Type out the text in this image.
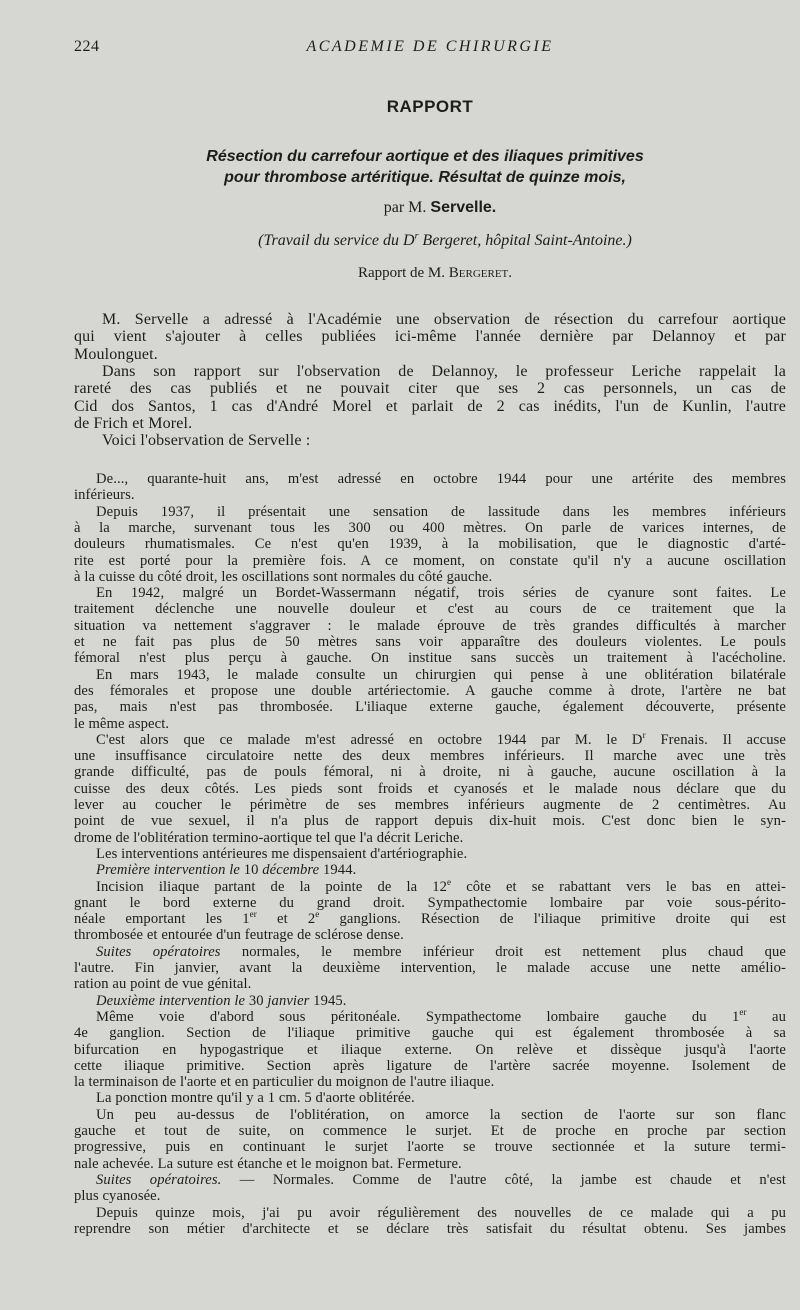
224	ACADEMIE DE CHIRURGIE
RAPPORT
Résection du carrefour aortique et des iliaques primitives
pour thrombose artéritique. Résultat de quinze mois,
par M. Servelle.
(Travail du service du $D^r$ Bergeret, hôpital Saint-Antoine.)
Rapport de M. Bergeret.
M. Servelle a adressé à l'Académie une observation de résection du carrefour aortique
qui vient s'ajouter à celles publiées ici-même l'année dernière par Delannoy et par
Moulonguet.
Dans son rapport sur l'observation de Delannoy, le professeur Leriche rappelait la
rareté des cas publiés et ne pouvait citer que ses 2 cas personnels, un cas de
Cid dos Santos, 1 cas d'André Morel et parlait de 2 cas inédits, l'un de Kunlin, l'autre
de Frich et Morel.
Voici l'observation de Servelle :
De..., quarante-huit ans, m'est adressé en octobre 1944 pour une artérite des membres
inférieurs.
Depuis 1937, il présentait une sensation de lassitude dans les membres inférieurs
à la marche, survenant tous les 300 ou 400 mètres. On parle de varices internes, de
douleurs rhumatismales. Ce n'est qu'en 1939, à la mobilisation, que le diagnostic d'arté-
rite est porté pour la première fois. A ce moment, on constate qu'il n'y a aucune oscillation
à la cuisse du côté droit, les oscillations sont normales du côté gauche.
En 1942, malgré un Bordet-Wassermann négatif, trois séries de cyanure sont faites. Le
traitement déclenche une nouvelle douleur et c'est au cours de ce traitement que la
situation va nettement s'aggraver : le malade éprouve de très grandes difficultés à marcher
et ne fait pas plus de 50 mètres sans voir apparaître des douleurs violentes. Le pouls
fémoral n'est plus perçu à gauche. On institue sans succès un traitement à l'acécholine.
En mars 1943, le malade consulte un chirurgien qui pense à une oblitération bilatérale
des fémorales et propose une double artériectomie. A gauche comme à drote, l'artère ne bat
pas, mais n'est pas thrombosée. L'iliaque externe gauche, également découverte, présente
le même aspect.
C'est alors que ce malade m'est adressé en octobre 1944 par M. le $D^r$ Frenais. Il accuse
une insuffisance circulatoire nette des deux membres inférieurs. Il marche avec une très
grande difficulté, pas de pouls fémoral, ni à droite, ni à gauche, aucune oscillation à la
cuisse des deux côtés. Les pieds sont froids et cyanosés et le malade nous déclare que du
lever au coucher le périmètre de ses membres inférieurs augmente de 2 centimètres. Au
point de vue sexuel, il n'a plus de rapport depuis dix-huit mois. C'est donc bien le syn-
drome de l'oblitération termino-aortique tel que l'a décrit Leriche.
Les interventions antérieures me dispensaient d'artériographie.
Première intervention le 10 décembre 1944.
Incision iliaque partant de la pointe de la 12e côte et se rabattant vers le bas en attei-
gnant le bord externe du grand droit. Sympathectomie lombaire par voie sous-périto-
néale emportant les 1er et 2e ganglions. Résection de l'iliaque primitive droite qui est
thrombosée et entourée d'un feutrage de sclérose dense.
Suites opératoires normales, le membre inférieur droit est nettement plus chaud que
l'autre. Fin janvier, avant la deuxième intervention, le malade accuse une nette amélio-
ration au point de vue génital.
Deuxième intervention le 30 janvier 1945.
Même voie d'abord sous péritonéale. Sympathectome lombaire gauche du 1er au
4e ganglion. Section de l'iliaque primitive gauche qui est également thrombosée à sa
bifurcation en hypogastrique et iliaque externe. On relève et dissèque jusqu'à l'aorte
cette iliaque primitive. Section après ligature de l'artère sacrée moyenne. Isolement de
la terminaison de l'aorte et en particulier du moignon de l'autre iliaque.
La ponction montre qu'il y a 1 cm. 5 d'aorte oblitérée.
Un peu au-dessus de l'oblitération, on amorce la section de l'aorte sur son flanc
gauche et tout de suite, on commence le surjet. Et de proche en proche par section
progressive, puis en continuant le surjet l'aorte se trouve sectionnée et la suture termi-
nale achevée. La suture est étanche et le moignon bat. Fermeture.
Suites opératoires. — Normales. Comme de l'autre côté, la jambe est chaude et n'est
plus cyanosée.
Depuis quinze mois, j'ai pu avoir régulièrement des nouvelles de ce malade qui a pu
reprendre son métier d'architecte et se déclare très satisfait du résultat obtenu. Ses jambes
